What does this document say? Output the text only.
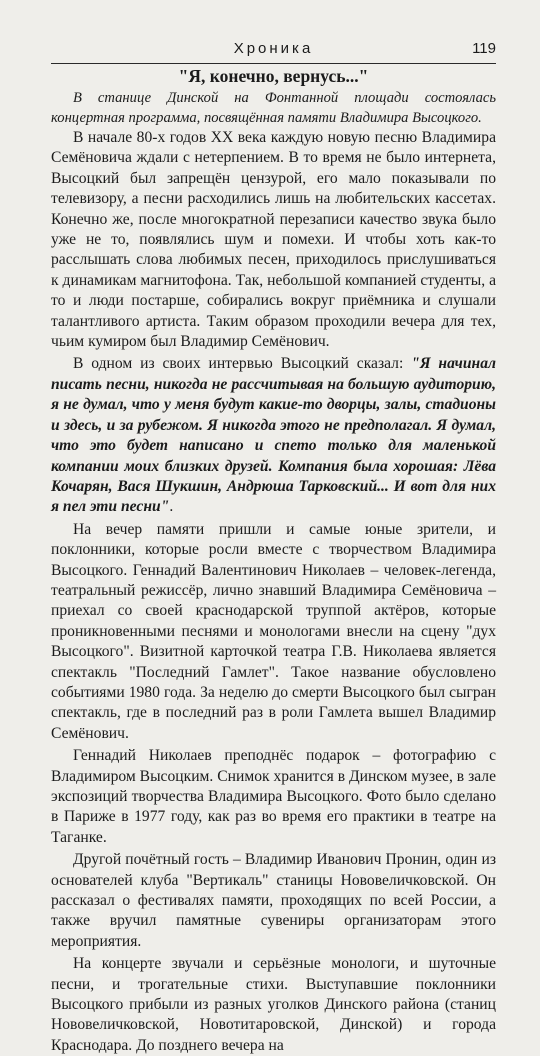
Хроника	119
"Я, конечно, вернусь..."

В станице Динской на Фонтанной площади состоялась концертная программа, посвящённая памяти Владимира Высоцкого.

В начале 80-х годов XX века каждую новую песню Владимира Семёновича ждали с нетерпением. В то время не было интернета, Высоцкий был запрещён цензурой, его мало показывали по телевизору, а песни расходились лишь на любительских кассетах. Конечно же, после многократной перезаписи качество звука было уже не то, появлялись шум и помехи. И чтобы хоть как-то расслышать слова любимых песен, приходилось прислушиваться к динамикам магнитофона. Так, небольшой компанией студенты, а то и люди постарше, собирались вокруг приёмника и слушали талантливого артиста. Таким образом проходили вечера для тех, чьим кумиром был Владимир Семёнович.

В одном из своих интервью Высоцкий сказал: "Я начинал писать песни, никогда не рассчитывая на большую аудиторию, я не думал, что у меня будут какие-то дворцы, залы, стадионы и здесь, и за рубежом. Я никогда этого не предполагал. Я думал, что это будет написано и спето только для маленькой компании моих близких друзей. Компания была хорошая: Лёва Кочарян, Вася Шукшин, Андрюша Тарковский... И вот для них я пел эти песни".

На вечер памяти пришли и самые юные зрители, и поклонники, которые росли вместе с творчеством Владимира Высоцкого. Геннадий Валентинович Николаев – человек-легенда, театральный режиссёр, лично знавший Владимира Семёновича – приехал со своей краснодарской труппой актёров, которые проникновенными песнями и монологами внесли на сцену "дух Высоцкого". Визитной карточкой театра Г.В. Николаева является спектакль "Последний Гамлет". Такое название обусловлено событиями 1980 года. За неделю до смерти Высоцкого был сыгран спектакль, где в последний раз в роли Гамлета вышел Владимир Семёнович.

Геннадий Николаев преподнёс подарок – фотографию с Владимиром Высоцким. Снимок хранится в Динском музее, в зале экспозиций творчества Владимира Высоцкого. Фото было сделано в Париже в 1977 году, как раз во время его практики в театре на Таганке.

Другой почётный гость – Владимир Иванович Пронин, один из основателей клуба "Вертикаль" станицы Нововеличковской. Он рассказал о фестивалях памяти, проходящих по всей России, а также вручил памятные сувениры организаторам этого мероприятия.

На концерте звучали и серьёзные монологи, и шуточные песни, и трогательные стихи. Выступавшие поклонники Высоцкого прибыли из разных уголков Динского района (станиц Нововеличковской, Новотитаровской, Динской) и города Краснодара. До позднего вечера на
